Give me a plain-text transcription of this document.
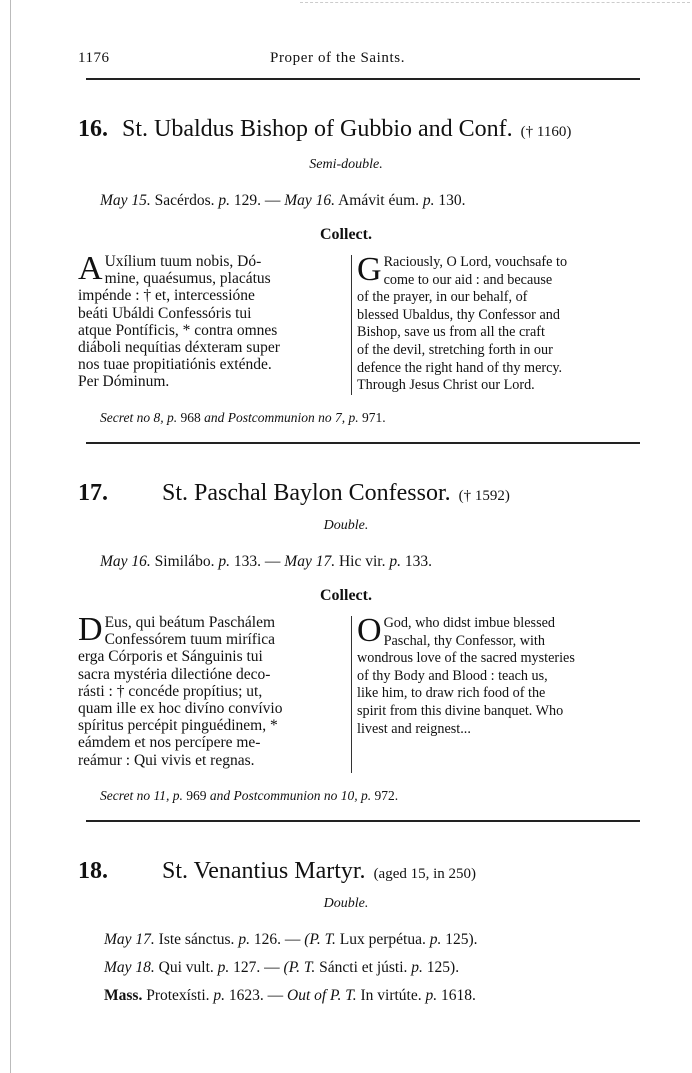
1176	Proper of the Saints.
16. St. Ubaldus Bishop of Gubbio and Conf. († 1160)
Semi-double.
May 15. Sacérdos. p. 129. — May 16. Amávit éum. p. 130.
Collect.
A Uxílium tuum nobis, Dó-
mine, quaésumus, placátus
impénde : † et, intercessióne
beáti Ubáldi Confessóris tui
atque Pontíficis, * contra omnes
diáboli nequítias déxteram super
nos tuae propitiatiónis exténde.
Per Dóminum.
G Raciously, O Lord, vouchsafe to
come to our aid : and because
of the prayer, in our behalf, of
blessed Ubaldus, thy Confessor and
Bishop, save us from all the craft
of the devil, stretching forth in our
defence the right hand of thy mercy.
Through Jesus Christ our Lord.
Secret no 8, p. 968 and Postcommunion no 7, p. 971.
17. St. Paschal Baylon Confessor. († 1592)
Double.
May 16. Similábo. p. 133. — May 17. Hic vir. p. 133.
Collect.
D Eus, qui beátum Paschálem
Confessórem tuum mirífica
erga Córporis et Sánguinis tui
sacra mystéria dilectióne deco-
rásti : † concéde propítius; ut,
quam ille ex hoc divíno convívio
spíritus percépit pinguédinem, *
eámdem et nos percípere me-
reámur : Qui vivis et regnas.
O God, who didst imbue blessed
Paschal, thy Confessor, with
wondrous love of the sacred mysteries
of thy Body and Blood : teach us,
like him, to draw rich food of the
spirit from this divine banquet. Who
livest and reignest...
Secret no 11, p. 969 and Postcommunion no 10, p. 972.
18. St. Venantius Martyr. (aged 15, in 250)
Double.
May 17. Iste sánctus. p. 126. — (P. T. Lux perpétua. p. 125).
May 18. Qui vult. p. 127. — (P. T. Sáncti et jústi. p. 125).
Mass. Protexísti. p. 1623. — Out of P. T. In virtúte. p. 1618.
